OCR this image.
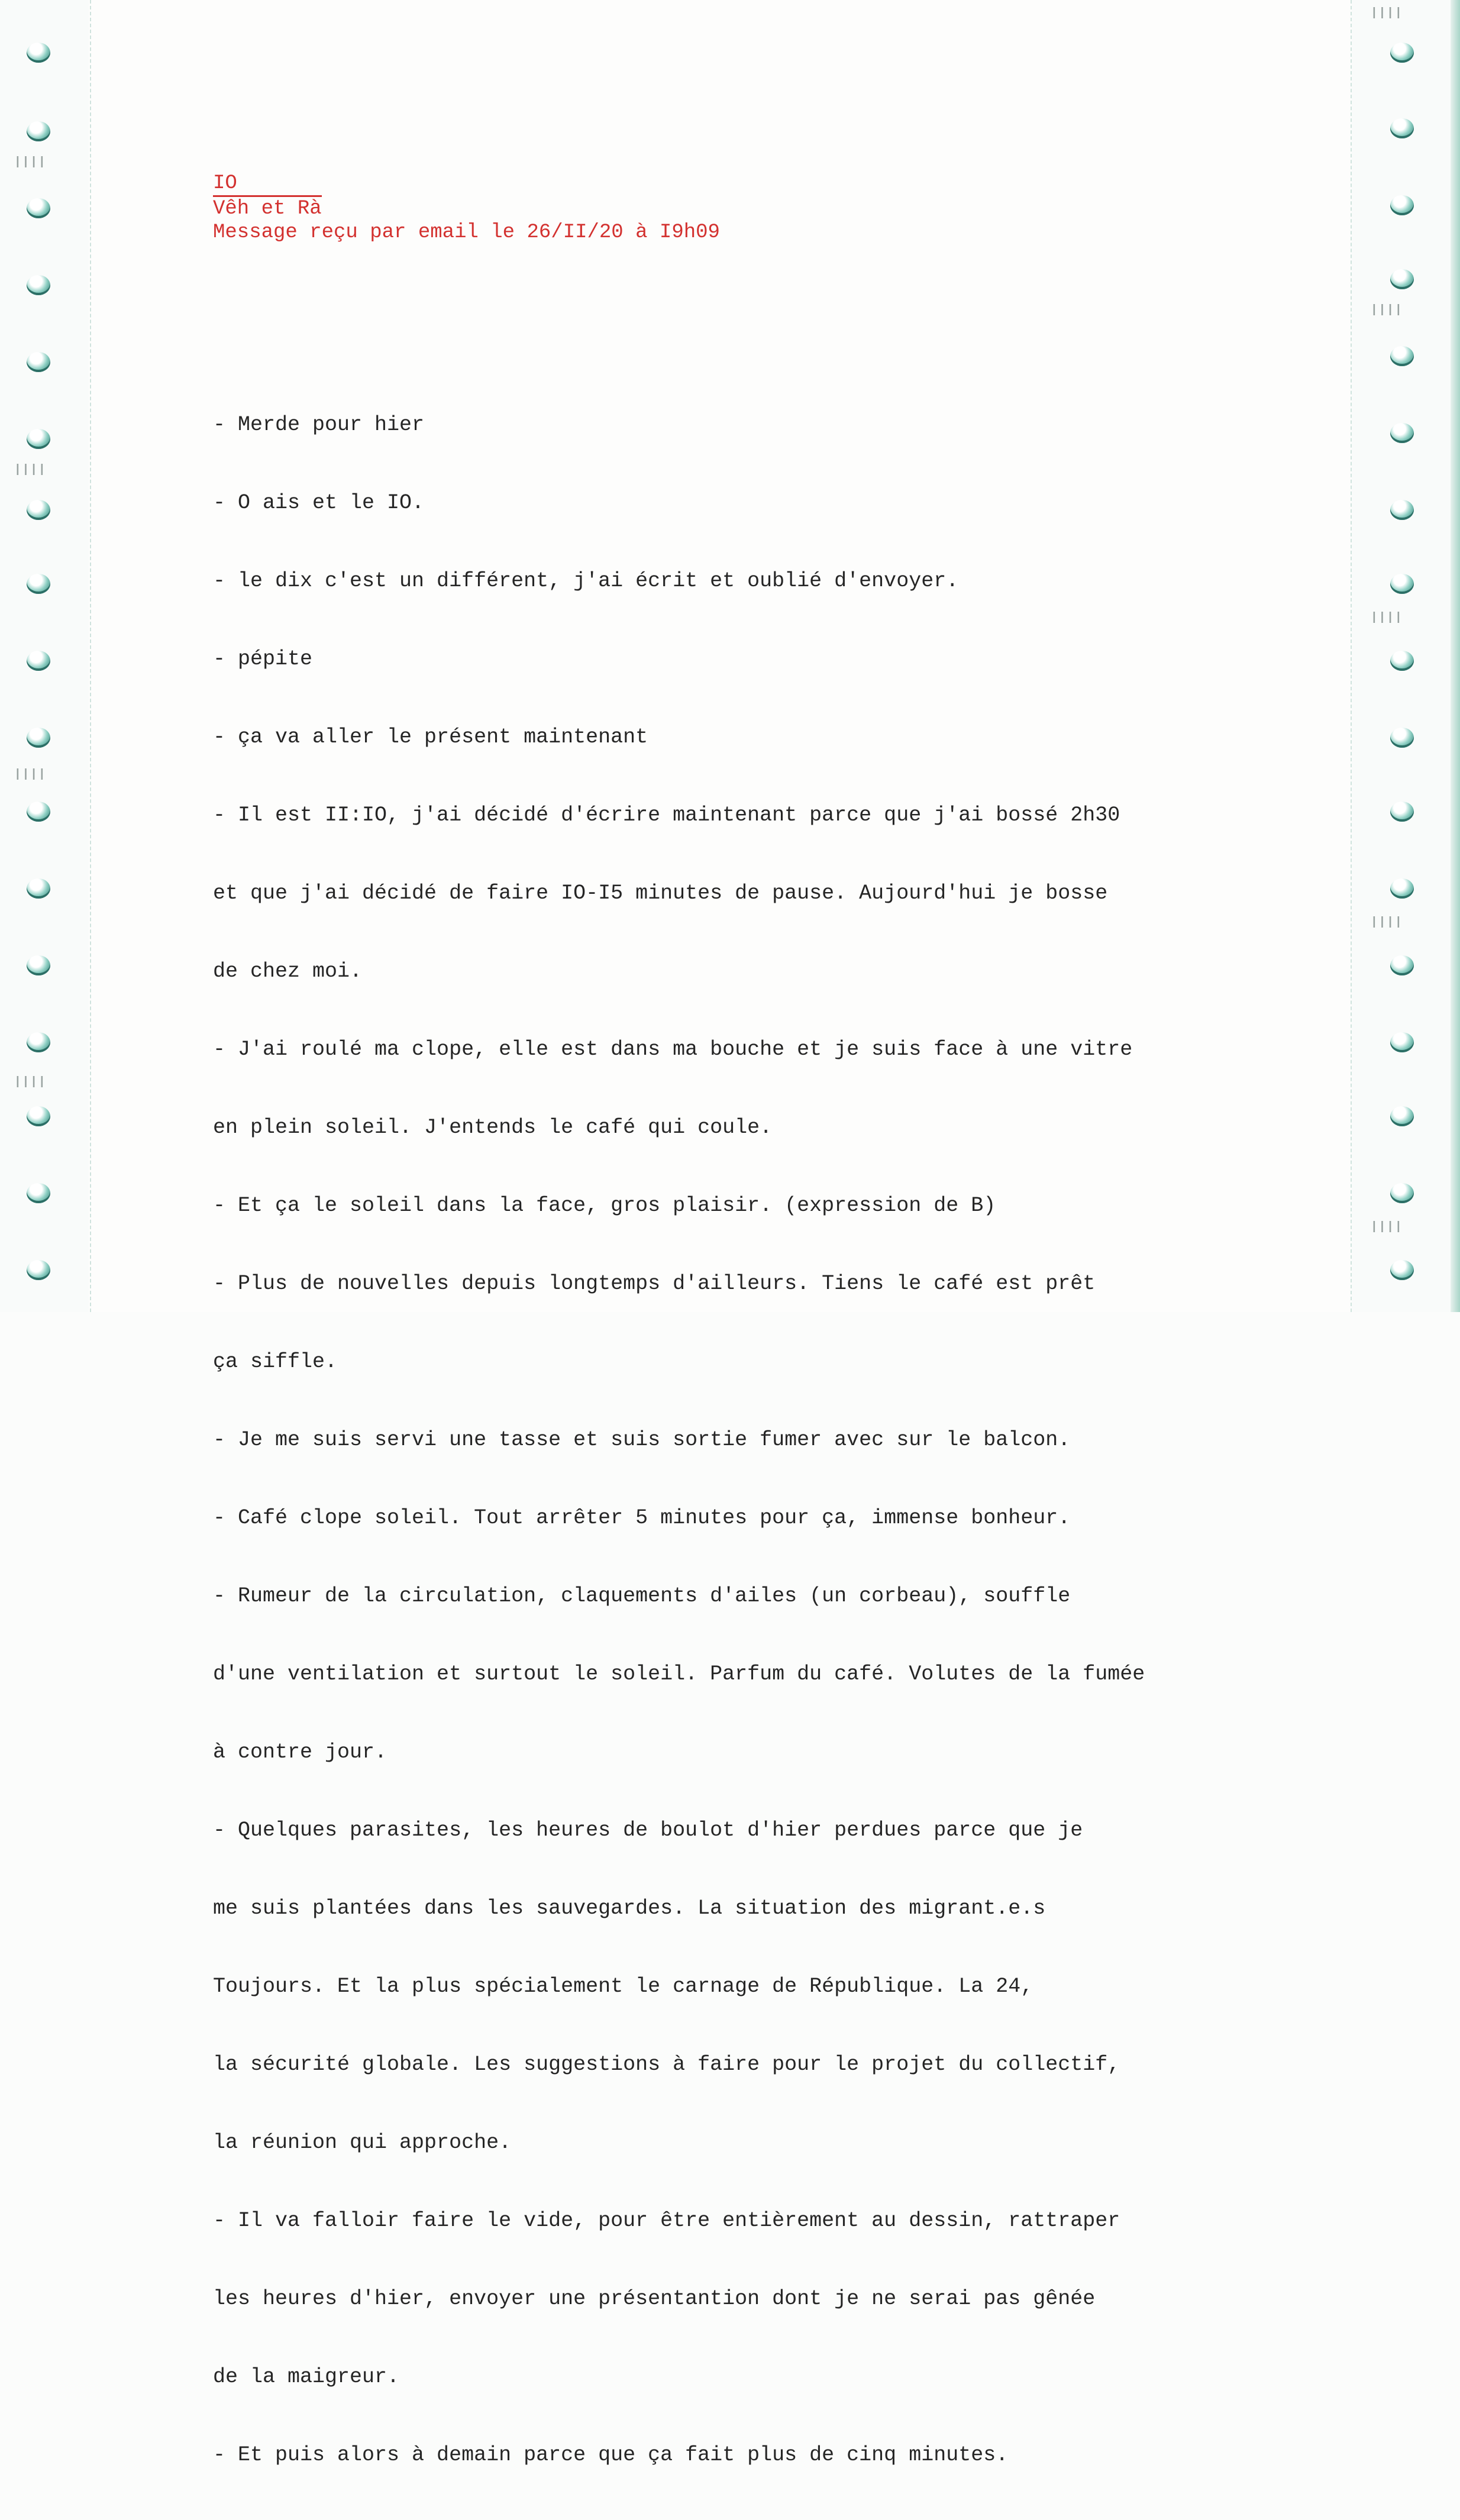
ǀǀǀǀ
ǀǀǀǀ
ǀǀǀǀ
ǀǀǀǀ
ǀǀǀǀ
ǀǀǀǀ
ǀǀǀǀ
ǀǀǀǀ
ǀǀǀǀ
IO
Vêh et Rà
Message reçu par email le 26/II/20 à I9h09

- Merde pour hier

- O ais et le IO.

- le dix c'est un différent, j'ai écrit et oublié d'envoyer.

- pépite

- ça va aller le présent maintenant

- Il est II:IO, j'ai décidé d'écrire maintenant parce que j'ai bossé 2h30

et que j'ai décidé de faire IO-I5 minutes de pause. Aujourd'hui je bosse

de chez moi.

- J'ai roulé ma clope, elle est dans ma bouche et je suis face à une vitre

en plein soleil. J'entends le café qui coule.

- Et ça le soleil dans la face, gros plaisir. (expression de B)

- Plus de nouvelles depuis longtemps d'ailleurs. Tiens le café est prêt

ça siffle.

- Je me suis servi une tasse et suis sortie fumer avec sur le balcon.

- Café clope soleil. Tout arrêter 5 minutes pour ça, immense bonheur.

- Rumeur de la circulation, claquements d'ailes (un corbeau), souffle

d'une ventilation et surtout le soleil. Parfum du café. Volutes de la fumée

à contre jour.

- Quelques parasites, les heures de boulot d'hier perdues parce que je

me suis plantées dans les sauvegardes. La situation des migrant.e.s

Toujours. Et la plus spécialement le carnage de République. La 24,

la sécurité globale. Les suggestions à faire pour le projet du collectif,

la réunion qui approche.

- Il va falloir faire le vide, pour être entièrement au dessin, rattraper

les heures d'hier, envoyer une présentantion dont je ne serai pas gênée

de la maigreur.

- Et puis alors à demain parce que ça fait plus de cinq minutes.
